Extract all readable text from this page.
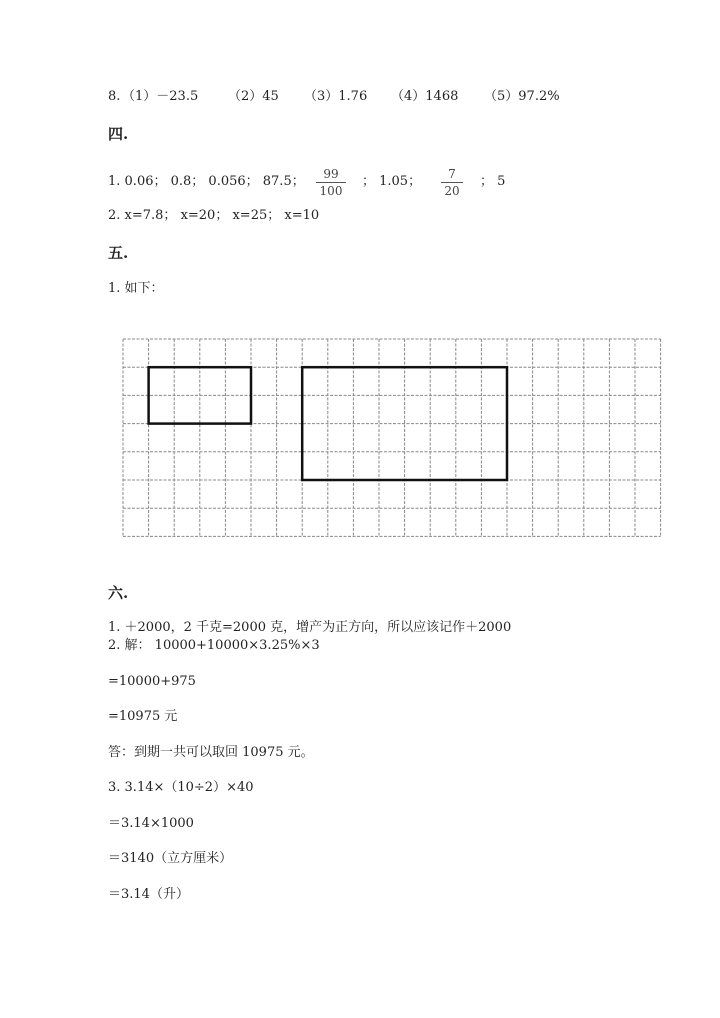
8. （1）－23.5 （2）45 （3）1.76 （4）1468 （5）97.2%
四.
1. 0.06； 0.8； 0.056； 87.5；	99
100
； 1.05；	7
20
； 5
2. x=7.8； x=20； x=25； x=10
五.
1. 如下：
六.
1. ＋2000，2 千克=2000 克，增产为正方向，所以应该记作＋2000
2. 解： 10000+10000×3.25%×3
=10000+975
=10975 元
答：到期一共可以取回 10975 元。
3. 3.14×（10÷2）×40
＝3.14×1000
＝3140（立方厘米）
＝3.14（升）
